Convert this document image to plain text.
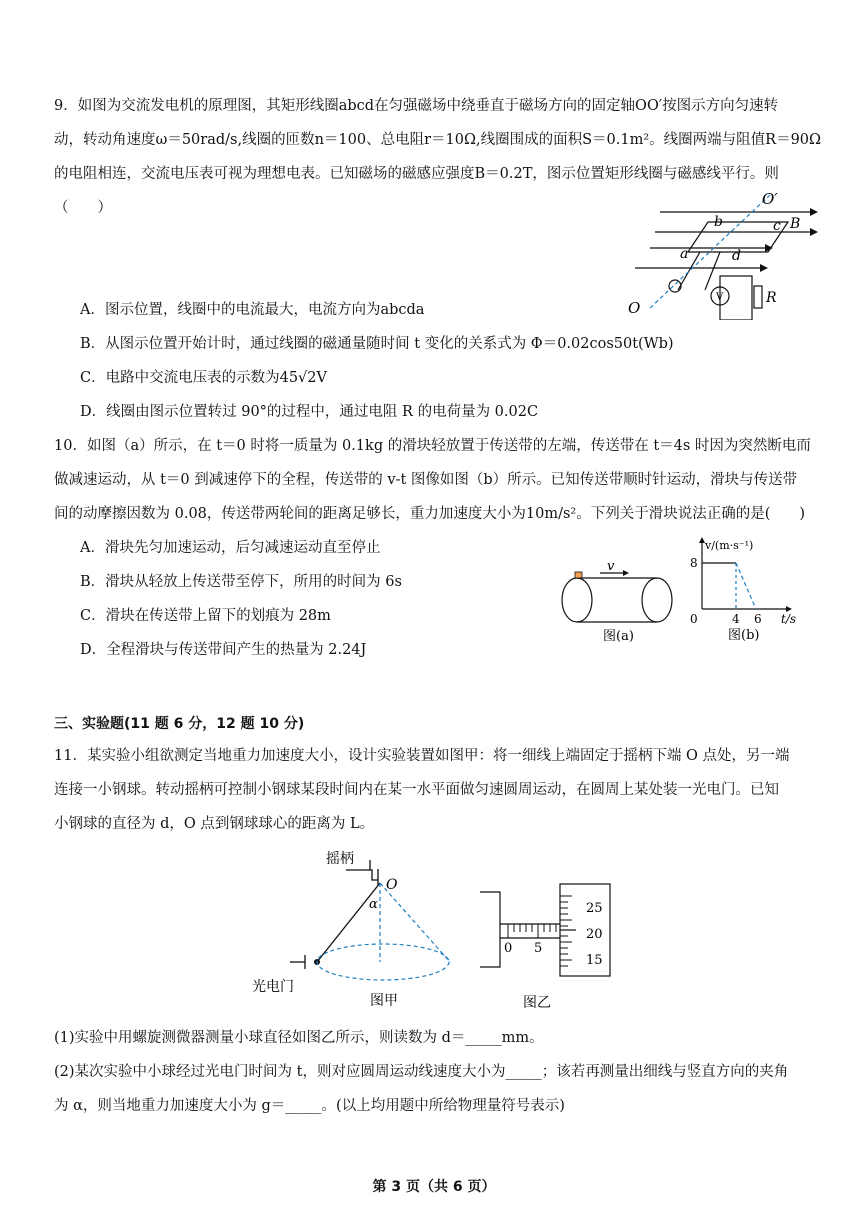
9．如图为交流发电机的原理图，其矩形线圈abcd在匀强磁场中绕垂直于磁场方向的固定轴OO′按图示方向匀速转
动，转动角速度ω＝50rad/s,线圈的匝数n＝100、总电阻r＝10Ω,线圈围成的面积S＝0.1m²。线圈两端与阻值R＝90Ω
的电阻相连，交流电压表可视为理想电表。已知磁场的磁感应强度B＝0.2T，图示位置矩形线圈与磁感线平行。则
（　　）
A．图示位置，线圈中的电流最大，电流方向为abcda
B．从图示位置开始计时，通过线圈的磁通量随时间 t 变化的关系式为 Φ＝0.02cos50t(Wb)
C．电路中交流电压表的示数为45√2V
D．线圈由图示位置转过 90°的过程中，通过电阻 R 的电荷量为 0.02C
O′
b	c B
a	d
O
V	R
10．如图（a）所示，在 t＝0 时将一质量为 0.1kg 的滑块轻放置于传送带的左端，传送带在 t＝4s 时因为突然断电而
做减速运动，从 t＝0 到减速停下的全程，传送带的 v-t 图像如图（b）所示。已知传送带顺时针运动，滑块与传送带
间的动摩擦因数为 0.08，传送带两轮间的距离足够长，重力加速度大小为10m/s²。下列关于滑块说法正确的是(　　)
A．滑块先匀加速运动，后匀减速运动直至停止
B．滑块从轻放上传送带至停下，所用的时间为 6s
C．滑块在传送带上留下的划痕为 28m
D．全程滑块与传送带间产生的热量为 2.24J
v
图(a)
v/(m·s⁻¹)
8
0	4 6 t/s
图(b)
三、实验题(11 题 6 分，12 题 10 分)
11．某实验小组欲测定当地重力加速度大小，设计实验装置如图甲：将一细线上端固定于摇柄下端 O 点处，另一端
连接一小钢球。转动摇柄可控制小钢球某段时间内在某一水平面做匀速圆周运动，在圆周上某处装一光电门。已知
小钢球的直径为 d，O 点到钢球球心的距离为 L。
摇柄
O
α
光电门
图甲
0 5
25
20
15
图乙
(1)实验中用螺旋测微器测量小球直径如图乙所示，则读数为 d＝_____mm。
(2)某次实验中小球经过光电门时间为 t，则对应圆周运动线速度大小为_____；该若再测量出细线与竖直方向的夹角
为 α，则当地重力加速度大小为 g＝_____。(以上均用题中所给物理量符号表示)
第 3 页（共 6 页）
